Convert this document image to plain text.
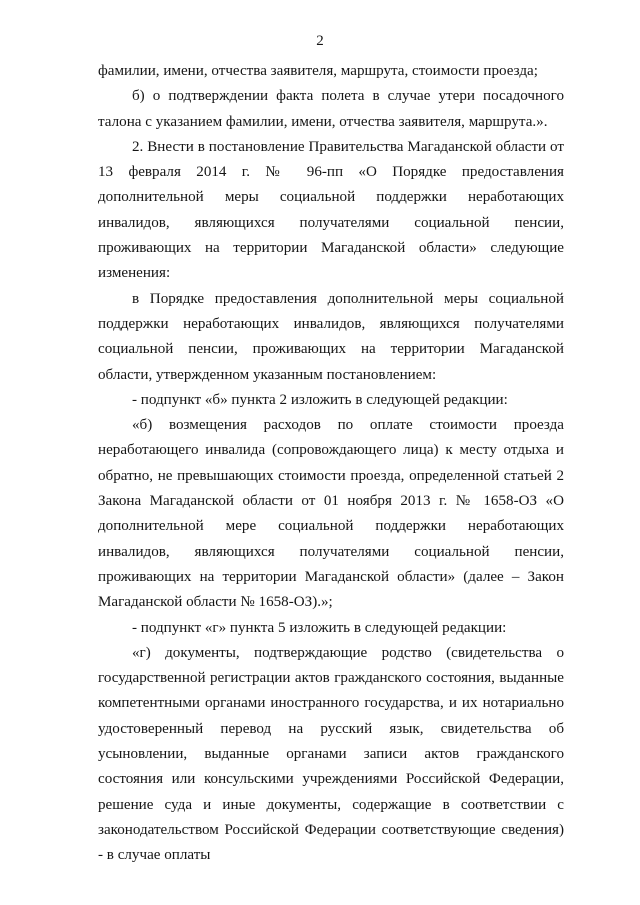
2

фамилии, имени, отчества заявителя, маршрута, стоимости проезда;

б) о подтверждении факта полета в случае утери посадочного талона с указанием фамилии, имени, отчества заявителя, маршрута.».

2. Внести в постановление Правительства Магаданской области от 13 февраля 2014 г. № 96-пп «О Порядке предоставления дополнительной меры социальной поддержки неработающих инвалидов, являющихся получателями социальной пенсии, проживающих на территории Магаданской области» следующие изменения:

в Порядке предоставления дополнительной меры социальной поддержки неработающих инвалидов, являющихся получателями социальной пенсии, проживающих на территории Магаданской области, утвержденном указанным постановлением:

- подпункт «б» пункта 2 изложить в следующей редакции:

«б) возмещения расходов по оплате стоимости проезда неработающего инвалида (сопровождающего лица) к месту отдыха и обратно, не превышающих стоимости проезда, определенной статьей 2 Закона Магаданской области от 01 ноября 2013 г. № 1658-ОЗ «О дополнительной мере социальной поддержки неработающих инвалидов, являющихся получателями социальной пенсии, проживающих на территории Магаданской области» (далее – Закон Магаданской области № 1658-ОЗ).»;

- подпункт «г» пункта 5 изложить в следующей редакции:

«г) документы, подтверждающие родство (свидетельства о государственной регистрации актов гражданского состояния, выданные компетентными органами иностранного государства, и их нотариально удостоверенный перевод на русский язык, свидетельства об усыновлении, выданные органами записи актов гражданского состояния или консульскими учреждениями Российской Федерации, решение суда и иные документы, содержащие в соответствии с законодательством Российской Федерации соответствующие сведения) - в случае оплаты
